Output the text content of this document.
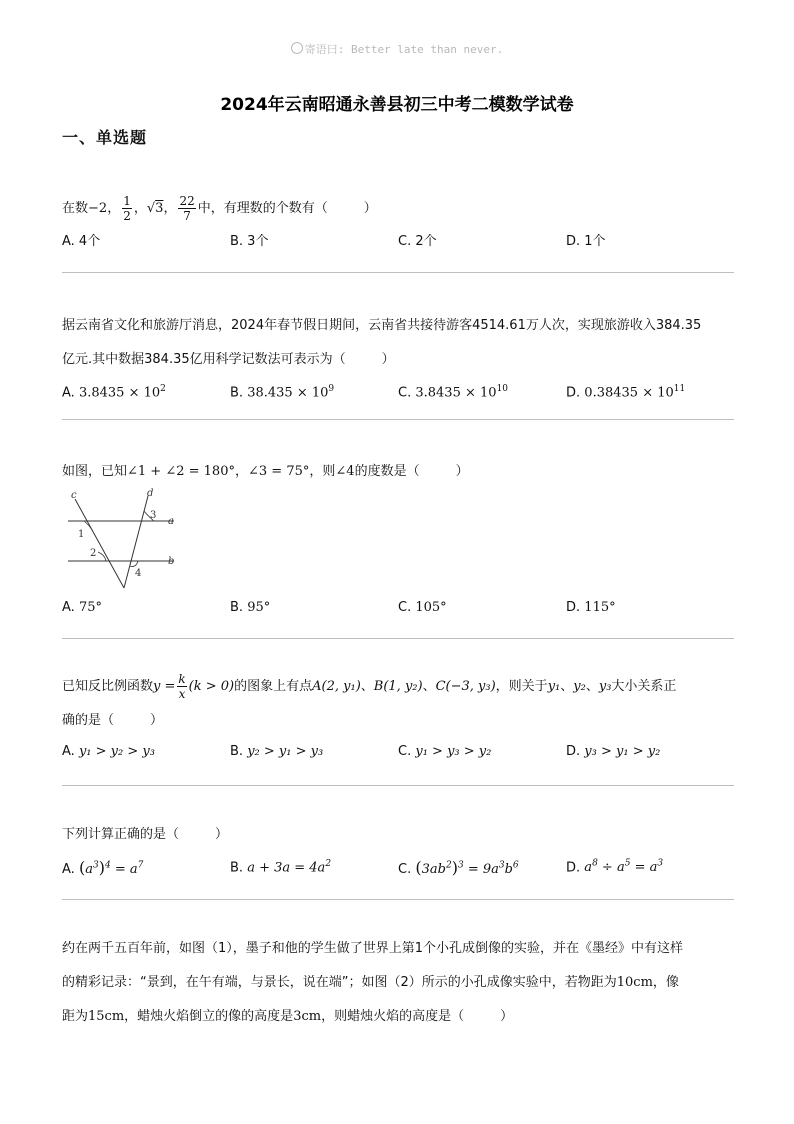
寄语曰: Better late than never.
2024年云南昭通永善县初三中考二模数学试卷
一、单选题
在数−2， $\frac{1}{2}$ ，√3， $\frac{22}{7}$ 中，有理数的个数有（	）
A. 4个	B. 3个	C. 2个	D. 1个
据云南省文化和旅游厅消息，2024年春节假日期间，云南省共接待游客4514.61万人次，实现旅游收入384.35
亿元.其中数据384.35亿用科学记数法可表示为（	）
A. $3.8435 \times 10^2$	B. $38.435 \times 10^9$	C. $3.8435 \times 10^{10}$	D. $0.38435 \times 10^{11}$
如图，已知∠1 + ∠2 = 180°，∠3 = 75°，则∠4的度数是（	）
c	d
a
b
1
2
3
4
A. 75°	B. 95°	C. 105°	D. 115°
已知反比例函数$y = \frac{k}{x} (k > 0)$的图象上有点A(2, y₁)、B(1, y₂)、C(−3, y₃)，则关于y₁、y₂、y₃大小关系正
确的是（	）
A. y₁ > y₂ > y₃	B. y₂ > y₁ > y₃	C. y₁ > y₃ > y₂	D. y₃ > y₁ > y₂
下列计算正确的是（	）
A. $(a^3)^4 = a^7$	B. $a + 3a = 4a^2$	C. $(3ab^2)^3 = 9a^3b^6$	D. $a^8 \div a^5 = a^3$
约在两千五百年前，如图（1），墨子和他的学生做了世界上第1个小孔成倒像的实验，并在《墨经》中有这样
的精彩记录：“景到，在午有端，与景长，说在端”；如图（2）所示的小孔成像实验中，若物距为10cm，像
距为15cm，蜡烛火焰倒立的像的高度是3cm，则蜡烛火焰的高度是（	）
